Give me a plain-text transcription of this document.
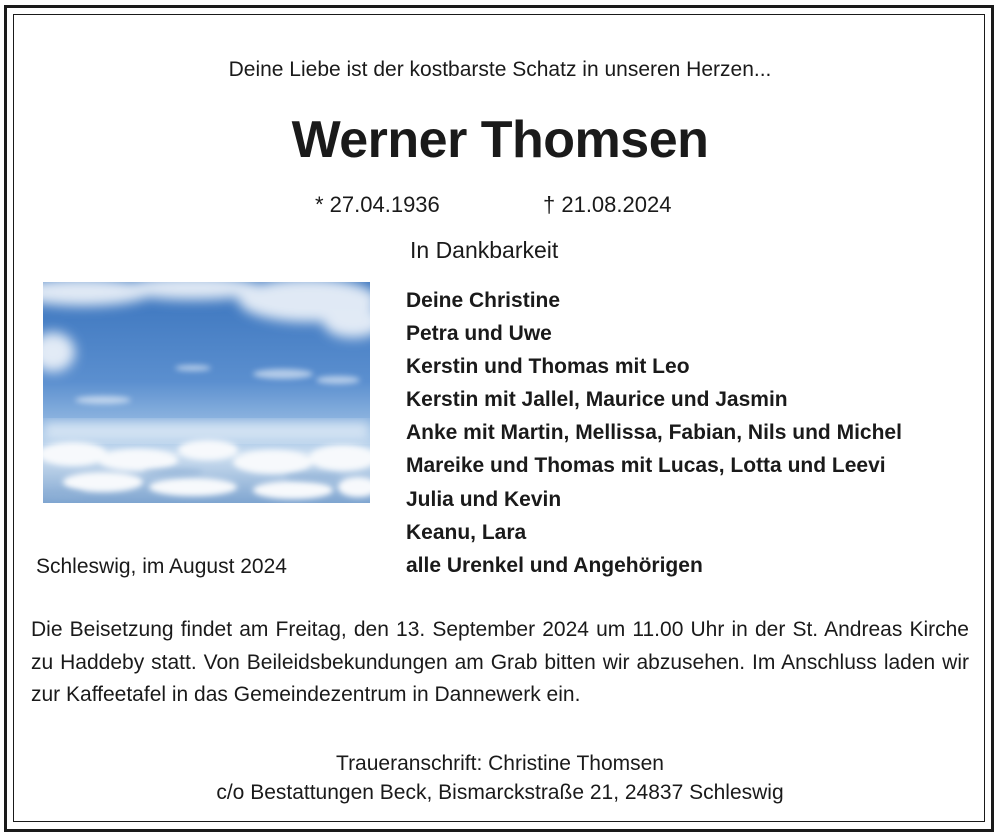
Deine Liebe ist der kostbarste Schatz in unseren Herzen...
Werner Thomsen
* 27.04.1936	† 21.08.2024
In Dankbarkeit
Deine Christine
Petra und Uwe
Kerstin und Thomas mit Leo
Kerstin mit Jallel, Maurice und Jasmin
Anke mit Martin, Mellissa, Fabian, Nils und Michel
Mareike und Thomas mit Lucas, Lotta und Leevi
Julia und Kevin
Keanu, Lara
alle Urenkel und Angehörigen
Schleswig, im August 2024
Die Beisetzung findet am Freitag, den 13. September 2024 um 11.00 Uhr in der St. Andreas Kirche zu Haddeby statt. Von Beileidsbekundungen am Grab bitten wir abzusehen. Im Anschluss laden wir zur Kaffeetafel in das Gemeindezentrum in Dannewerk ein.
Traueranschrift: Christine Thomsen
c/o Bestattungen Beck, Bismarckstraße 21, 24837 Schleswig
